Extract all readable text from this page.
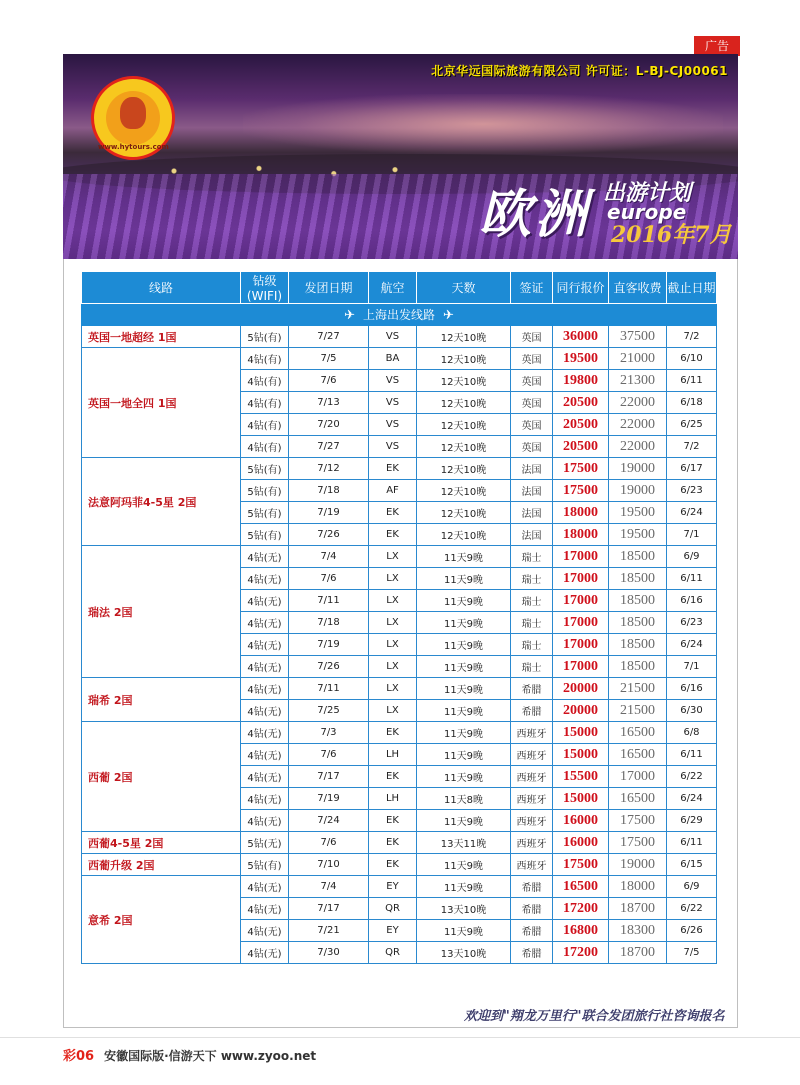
广告
北京华远国际旅游有限公司 许可证：L-BJ-CJ00061
www.hytours.com
欧洲 出游计划
europe
2016年7月
线路	钻级(WIFI)	发团日期	航空	天数	签证	同行报价	直客收费	截止日期
✈ 上海出发线路 ✈								
英国一地超经 1国	5钻(有)	7/27	VS	12天10晚	英国	36000	37500	7/2
英国一地全四 1国	4钻(有)	7/5	BA	12天10晚	英国	19500	21000	6/10
	4钻(有)	7/6	VS	12天10晚	英国	19800	21300	6/11
	4钻(有)	7/13	VS	12天10晚	英国	20500	22000	6/18
	4钻(有)	7/20	VS	12天10晚	英国	20500	22000	6/25
	4钻(有)	7/27	VS	12天10晚	英国	20500	22000	7/2
法意阿玛菲4-5星 2国	5钻(有)	7/12	EK	12天10晚	法国	17500	19000	6/17
	5钻(有)	7/18	AF	12天10晚	法国	17500	19000	6/23
	5钻(有)	7/19	EK	12天10晚	法国	18000	19500	6/24
	5钻(有)	7/26	EK	12天10晚	法国	18000	19500	7/1
瑞法 2国	4钻(无)	7/4	LX	11天9晚	瑞士	17000	18500	6/9
	4钻(无)	7/6	LX	11天9晚	瑞士	17000	18500	6/11
	4钻(无)	7/11	LX	11天9晚	瑞士	17000	18500	6/16
	4钻(无)	7/18	LX	11天9晚	瑞士	17000	18500	6/23
	4钻(无)	7/19	LX	11天9晚	瑞士	17000	18500	6/24
	4钻(无)	7/26	LX	11天9晚	瑞士	17000	18500	7/1
瑞希 2国	4钻(无)	7/11	LX	11天9晚	希腊	20000	21500	6/16
	4钻(无)	7/25	LX	11天9晚	希腊	20000	21500	6/30
西葡 2国	4钻(无)	7/3	EK	11天9晚	西班牙	15000	16500	6/8
	4钻(无)	7/6	LH	11天9晚	西班牙	15000	16500	6/11
	4钻(无)	7/17	EK	11天9晚	西班牙	15500	17000	6/22
	4钻(无)	7/19	LH	11天8晚	西班牙	15000	16500	6/24
	4钻(无)	7/24	EK	11天9晚	西班牙	16000	17500	6/29
西葡4-5星 2国	5钻(无)	7/6	EK	13天11晚	西班牙	16000	17500	6/11
西葡升级 2国	5钻(有)	7/10	EK	11天9晚	西班牙	17500	19000	6/15
意希 2国	4钻(无)	7/4	EY	11天9晚	希腊	16500	18000	6/9
	4钻(无)	7/17	QR	13天10晚	希腊	17200	18700	6/22
	4钻(无)	7/21	EY	11天9晚	希腊	16800	18300	6/26
	4钻(无)	7/30	QR	13天10晚	希腊	17200	18700	7/5
欢迎到"翔龙万里行"联合发团旅行社咨询报名
彩06 安徽国际版·信游天下 www.zyoo.net
